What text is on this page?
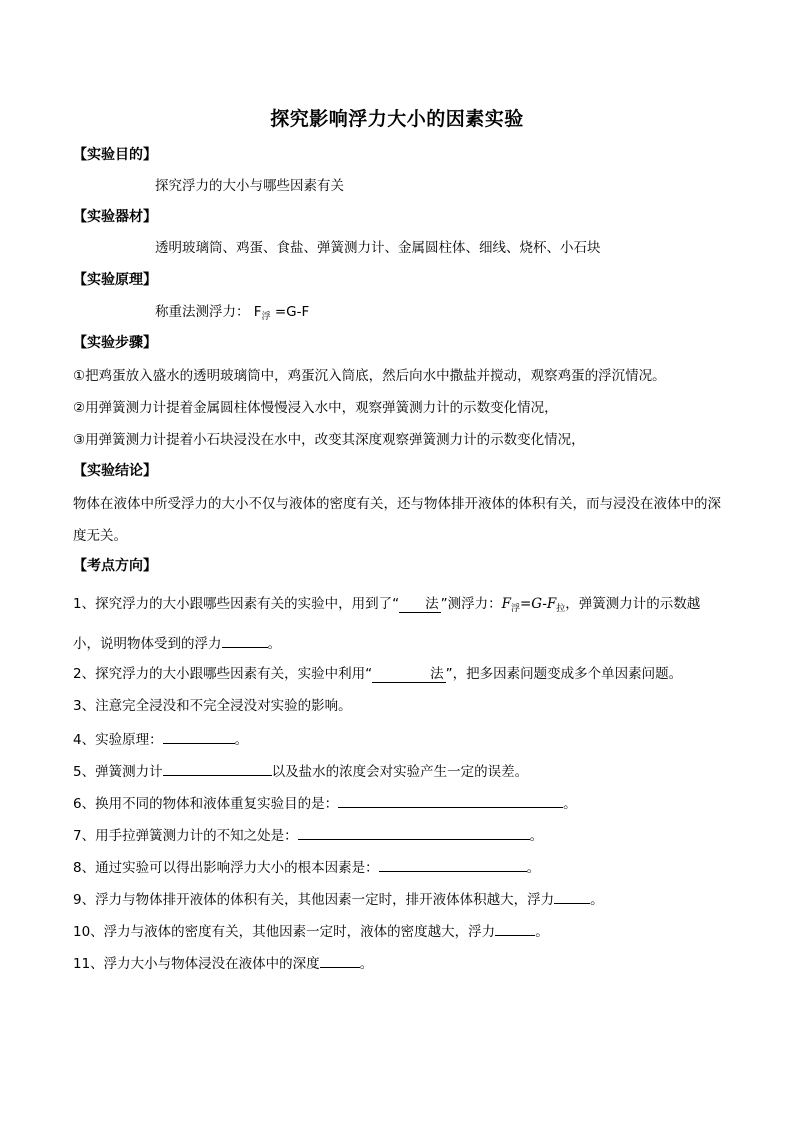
探究影响浮力大小的因素实验
【实验目的】
探究浮力的大小与哪些因素有关
【实验器材】
透明玻璃筒、鸡蛋、食盐、弹簧测力计、金属圆柱体、细线、烧杯、小石块
【实验原理】
称重法测浮力： $F_浮 =G-F$
【实验步骤】
①把鸡蛋放入盛水的透明玻璃筒中，鸡蛋沉入筒底，然后向水中撒盐并搅动，观察鸡蛋的浮沉情况。
②用弹簧测力计提着金属圆柱体慢慢浸入水中，观察弹簧测力计的示数变化情况，
③用弹簧测力计提着小石块浸没在水中，改变其深度观察弹簧测力计的示数变化情况，
【实验结论】
物体在液体中所受浮力的大小不仅与液体的密度有关，还与物体排开液体的体积有关，而与浸没在液体中的深度无关。
【考点方向】
1、探究浮力的大小跟哪些因素有关的实验中，用到了“ 法 ”测浮力：$F_浮=G-F_拉$，弹簧测力计的示数越
小，说明物体受到的浮力	。
2、探究浮力的大小跟哪些因素有关，实验中利用“	法 ”，把多因素问题变成多个单因素问题。
3、注意完全浸没和不完全浸没对实验的影响。
4、实验原理：	。
5、弹簧测力计	以及盐水的浓度会对实验产生一定的误差。
6、换用不同的物体和液体重复实验目的是：	。
7、用手拉弹簧测力计的不知之处是：	。
8、通过实验可以得出影响浮力大小的根本因素是：	。
9、浮力与物体排开液体的体积有关，其他因素一定时，排开液体体积越大，浮力	。
10、浮力与液体的密度有关，其他因素一定时，液体的密度越大，浮力	。
11、浮力大小与物体浸没在液体中的深度	。
